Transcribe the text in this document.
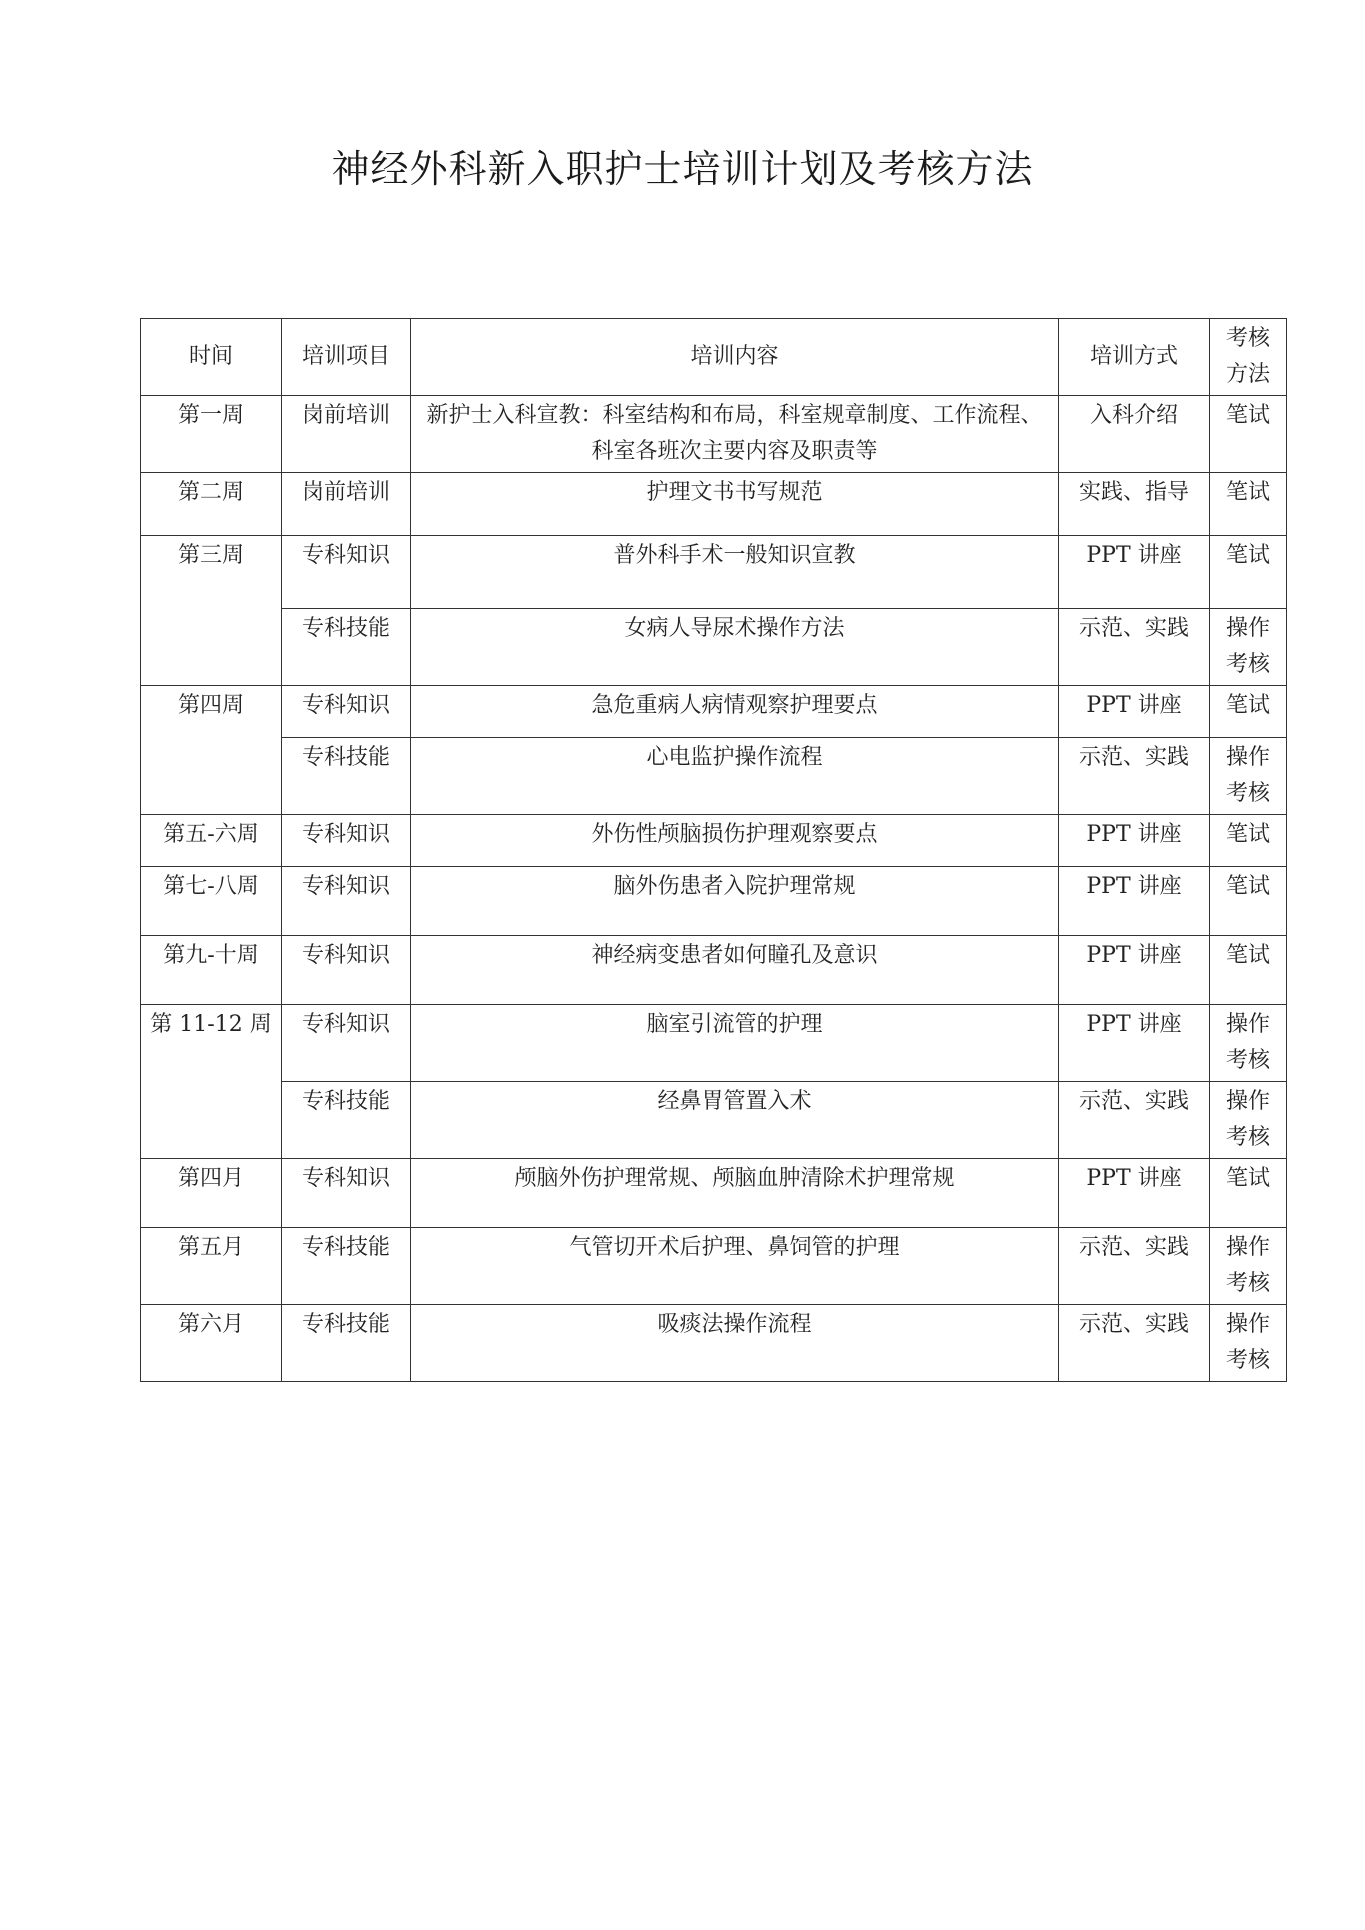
神经外科新入职护士培训计划及考核方法
时间	培训项目	培训内容	培训方式	考核方法
第一周	岗前培训	新护士入科宣教：科室结构和布局，科室规章制度、工作流程、科室各班次主要内容及职责等	入科介绍	笔试
第二周	岗前培训	护理文书书写规范	实践、指导	笔试
第三周	专科知识	普外科手术一般知识宣教	PPT 讲座	笔试
	专科技能	女病人导尿术操作方法	示范、实践	操作考核
第四周	专科知识	急危重病人病情观察护理要点	PPT 讲座	笔试
	专科技能	心电监护操作流程	示范、实践	操作考核
第五-六周	专科知识	外伤性颅脑损伤护理观察要点	PPT 讲座	笔试
第七-八周	专科知识	脑外伤患者入院护理常规	PPT 讲座	笔试
第九-十周	专科知识	神经病变患者如何瞳孔及意识	PPT 讲座	笔试
第 11-12 周	专科知识	脑室引流管的护理	PPT 讲座	操作考核
	专科技能	经鼻胃管置入术	示范、实践	操作考核
第四月	专科知识	颅脑外伤护理常规、颅脑血肿清除术护理常规	PPT 讲座	笔试
第五月	专科技能	气管切开术后护理、鼻饲管的护理	示范、实践	操作考核
第六月	专科技能	吸痰法操作流程	示范、实践	操作考核
